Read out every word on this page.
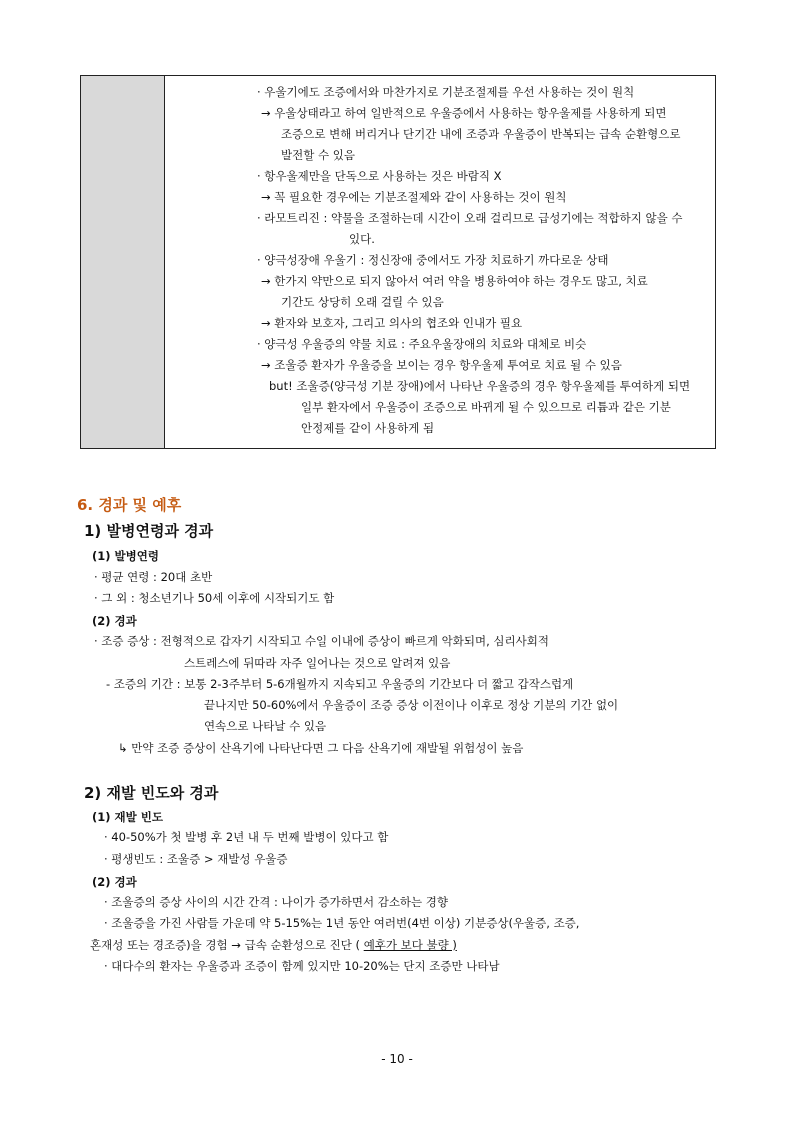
· 우울기에도 조증에서와 마찬가지로 기분조절제를 우선 사용하는 것이 원칙
→ 우울상태라고 하여 일반적으로 우울증에서 사용하는 항우울제를 사용하게 되면
조증으로 변해 버리거나 단기간 내에 조증과 우울증이 반복되는 급속 순환형으로
발전할 수 있음
· 항우울제만을 단독으로 사용하는 것은 바람직 X
→ 꼭 필요한 경우에는 기분조절제와 같이 사용하는 것이 원칙
· 라모트리진 : 약물을 조절하는데 시간이 오래 걸리므로 급성기에는 적합하지 않을 수
있다.
· 양극성장애 우울기 : 정신장애 중에서도 가장 치료하기 까다로운 상태
→ 한가지 약만으로 되지 않아서 여러 약을 병용하여야 하는 경우도 많고, 치료
기간도 상당히 오래 걸릴 수 있음
→ 환자와 보호자, 그리고 의사의 협조와 인내가 필요
· 양극성 우울증의 약물 치료 : 주요우울장애의 치료와 대체로 비슷
→ 조울증 환자가 우울증을 보이는 경우 항우울제 투여로 치료 될 수 있음
but! 조울증(양극성 기분 장애)에서 나타난 우울증의 경우 항우울제를 투여하게 되면
일부 환자에서 우울증이 조증으로 바뀌게 될 수 있으므로 리튬과 같은 기분
안정제를 같이 사용하게 됨
6. 경과 및 예후
1) 발병연령과 경과
(1) 발병연령
· 평균 연령 : 20대 초반
· 그 외 : 청소년기나 50세 이후에 시작되기도 함
(2) 경과
· 조증 증상 : 전형적으로 갑자기 시작되고 수일 이내에 증상이 빠르게 악화되며, 심리사회적
스트레스에 뒤따라 자주 일어나는 것으로 알려져 있음
- 조증의 기간 : 보통 2-3주부터 5-6개월까지 지속되고 우울증의 기간보다 더 짧고 갑작스럽게
끝나지만 50-60%에서 우울증이 조증 증상 이전이나 이후로 정상 기분의 기간 없이
연속으로 나타날 수 있음
↳ 만약 조증 증상이 산욕기에 나타난다면 그 다음 산욕기에 재발될 위험성이 높음
2) 재발 빈도와 경과
(1) 재발 빈도
· 40-50%가 첫 발병 후 2년 내 두 번째 발병이 있다고 함
· 평생빈도 : 조울증 > 재발성 우울증
(2) 경과
· 조울증의 증상 사이의 시간 간격 : 나이가 증가하면서 감소하는 경향
· 조울증을 가진 사람들 가운데 약 5-15%는 1년 동안 여러번(4번 이상) 기분증상(우울증, 조증,
혼재성 또는 경조증)을 경험 → 급속 순환성으로 진단 ( 예후가 보다 불량 )
· 대다수의 환자는 우울증과 조증이 함께 있지만 10-20%는 단지 조증만 나타남
- 10 -
